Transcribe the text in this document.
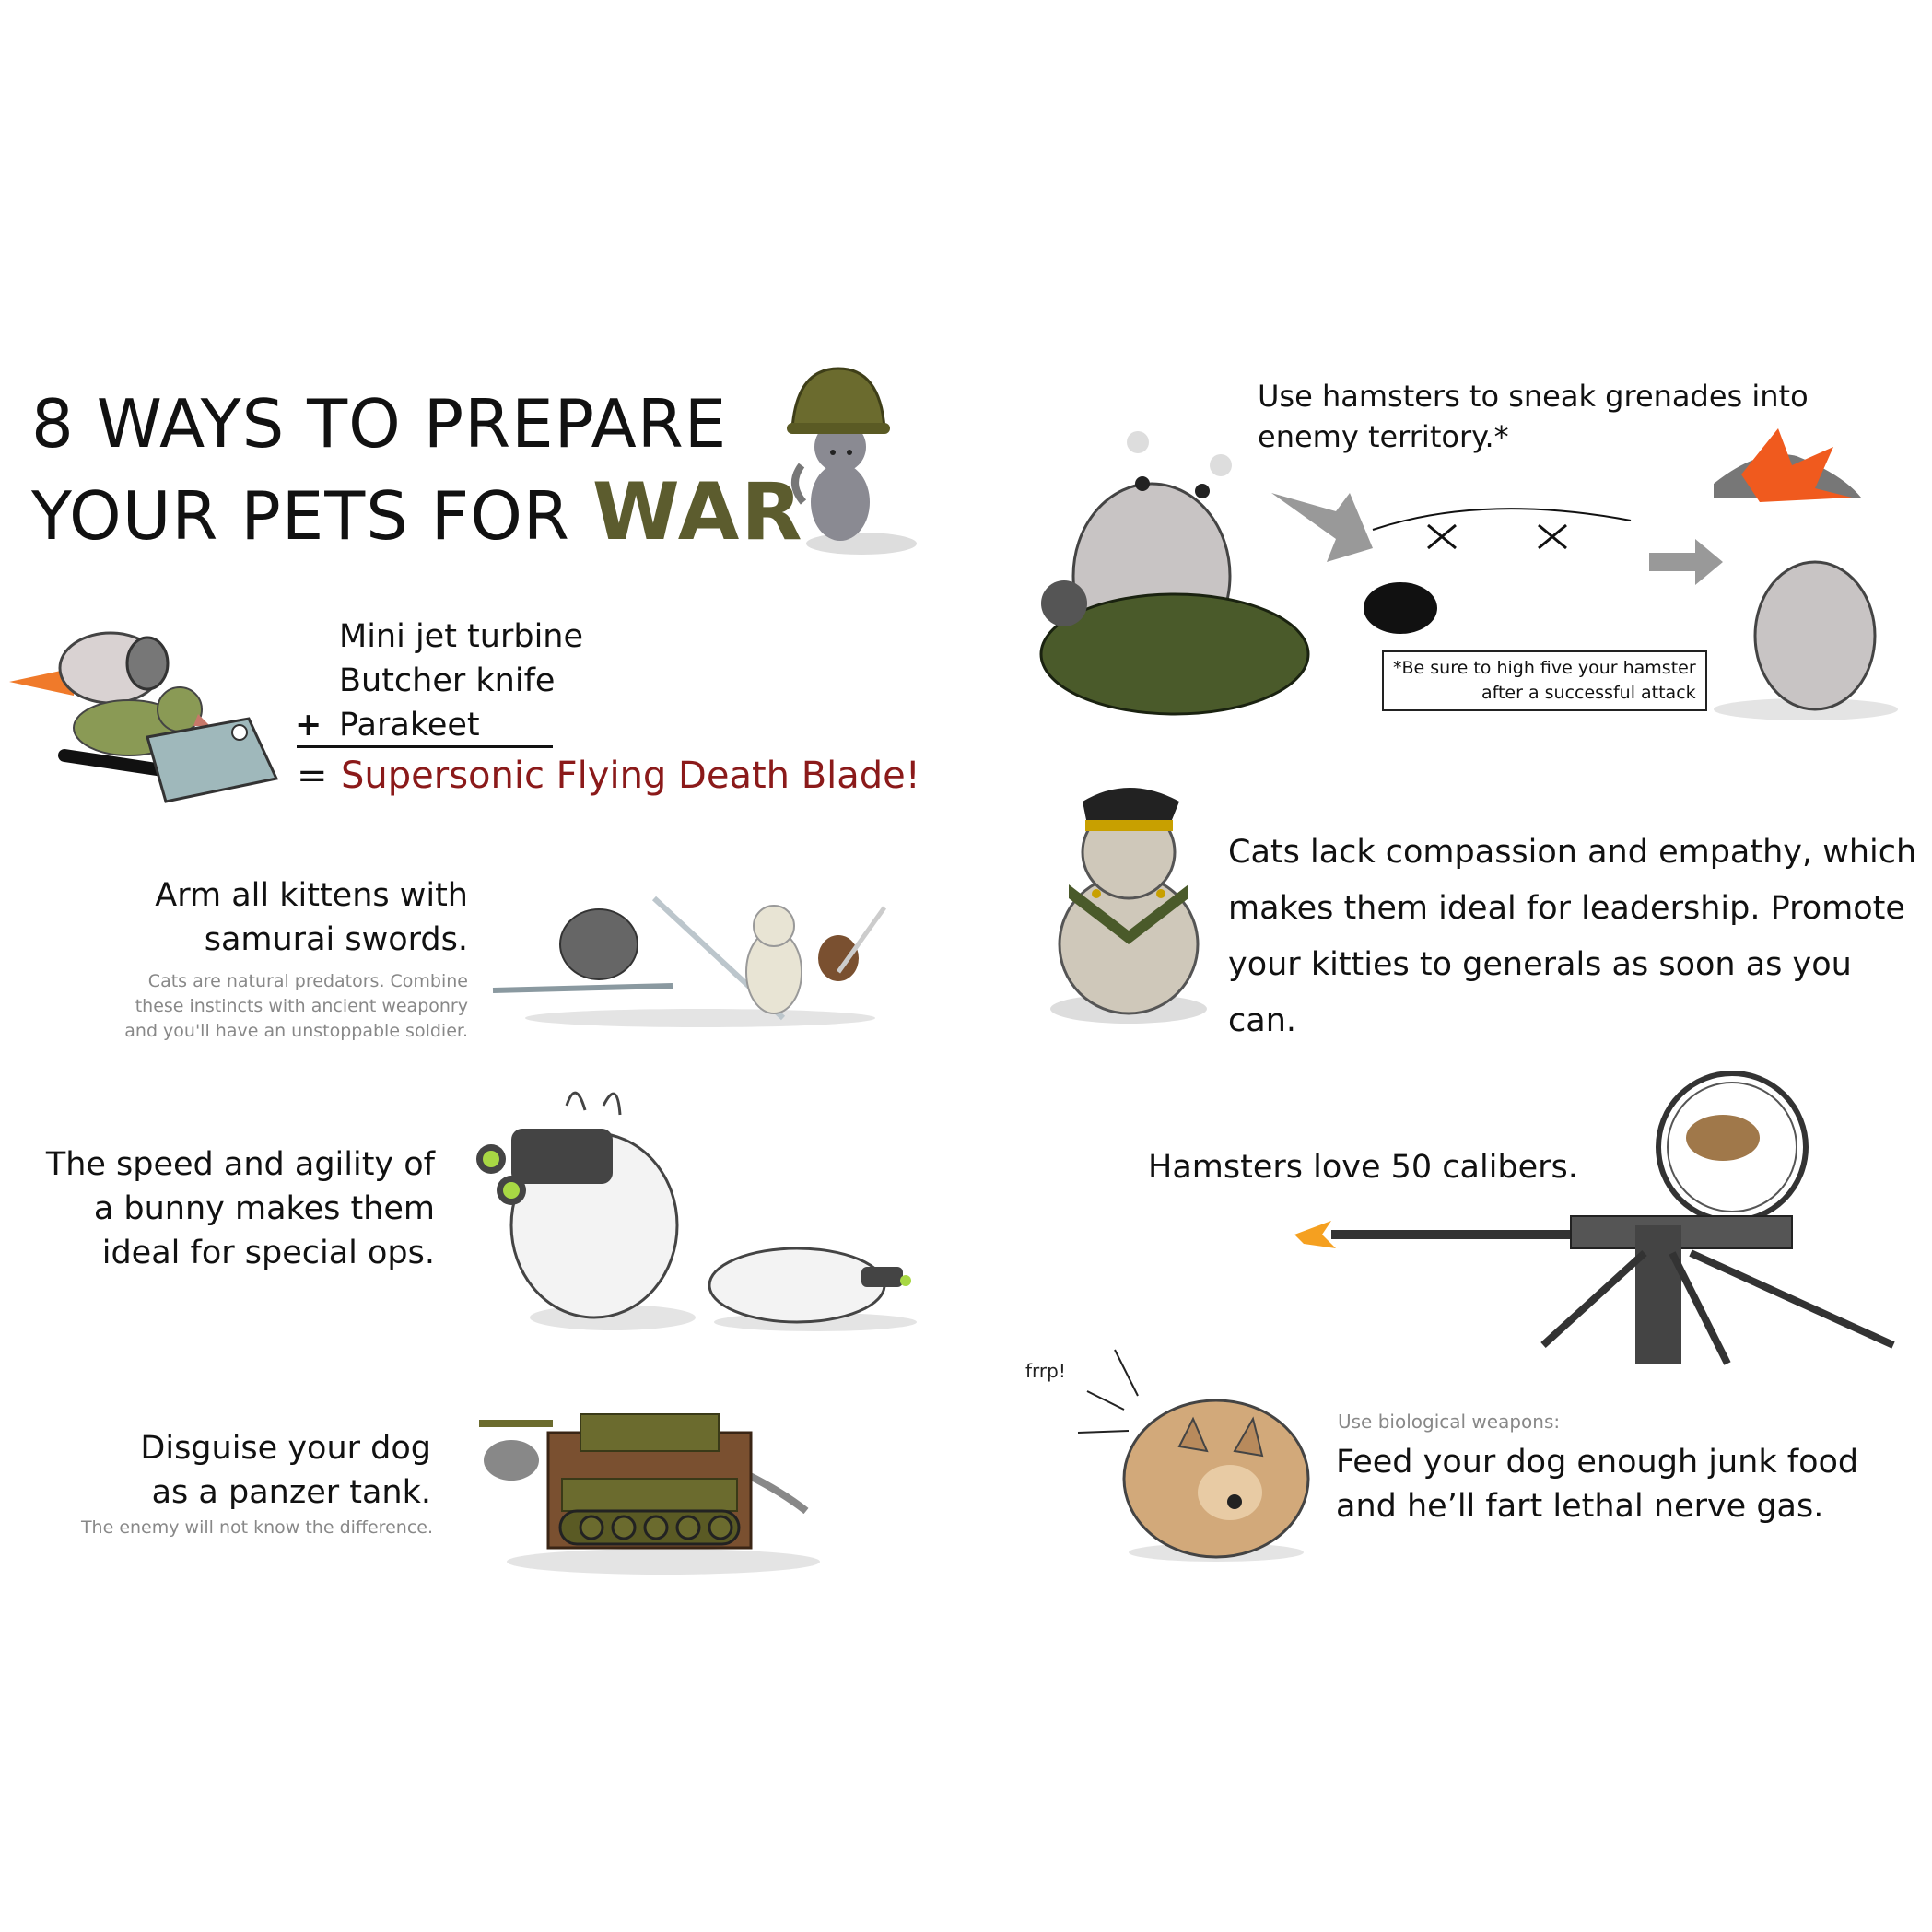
8 WAYS TO PREPARE
YOUR PETS FOR WAR
Mini jet turbine
Butcher knife
+ Parakeet
= Supersonic Flying Death Blade!
Arm all kittens with samurai swords.
Cats are natural predators. Combine these instincts with ancient weaponry and you'll have an unstoppable soldier.
The speed and agility of a bunny makes them ideal for special ops.
Disguise your dog as a panzer tank.
The enemy will not know the difference.
Use hamsters to sneak grenades into enemy territory.*
*Be sure to high five your hamster
after a successful attack
Cats lack compassion and empathy, which makes them ideal for leadership. Promote your kitties to generals as soon as you can.
Hamsters love 50 calibers.
frrp!
Use biological weapons:
Feed your dog enough junk food and he’ll fart lethal nerve gas.
